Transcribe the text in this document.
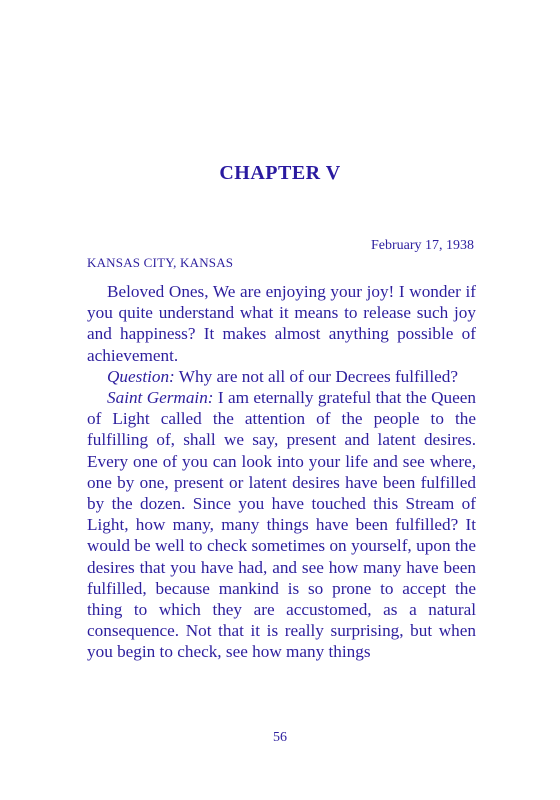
CHAPTER V
February 17, 1938
KANSAS CITY, KANSAS

Beloved Ones, We are enjoying your joy! I wonder if you quite understand what it means to release such joy and happiness? It makes almost anything possible of achievement.

Question: Why are not all of our Decrees fulfilled?

Saint Germain: I am eternally grateful that the Queen of Light called the attention of the people to the fulfilling of, shall we say, present and latent desires. Every one of you can look into your life and see where, one by one, present or latent desires have been fulfilled by the dozen. Since you have touched this Stream of Light, how many, many things have been fulfilled? It would be well to check sometimes on yourself, upon the desires that you have had, and see how many have been fulfilled, because mankind is so prone to accept the thing to which they are accustomed, as a natural consequence. Not that it is really surprising, but when you begin to check, see how many things

56
